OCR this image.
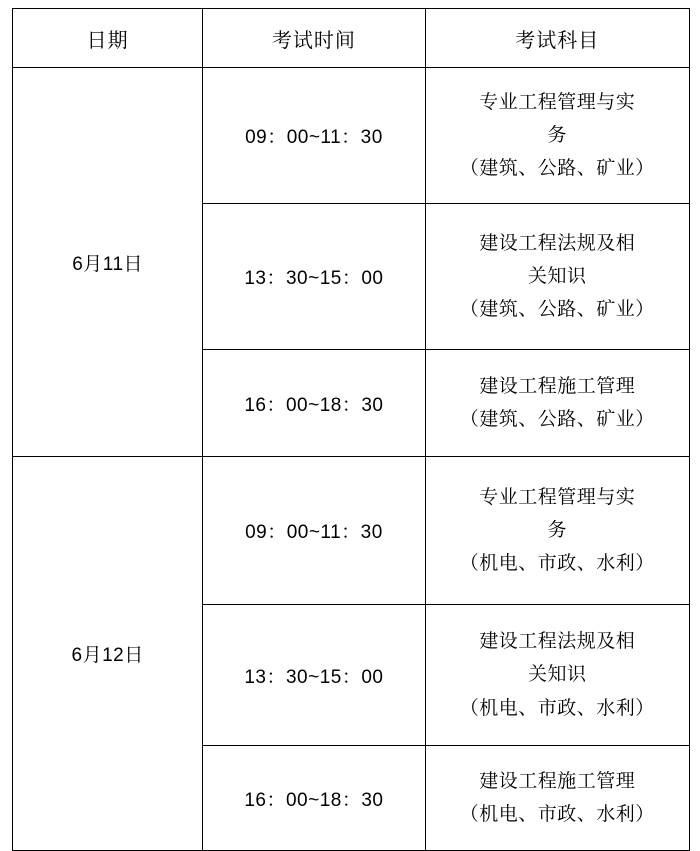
日期	考试时间	考试科目
6月11日	09：00~11：30	专业工程管理与实
务
（建筑、公路、矿业）

	13：30~15：00	建设工程法规及相
关知识
（建筑、公路、矿业）

	16：00~18：30	建设工程施工管理
（建筑、公路、矿业）

6月12日	09：00~11：30	专业工程管理与实
务
（机电、市政、水利）

	13：30~15：00	建设工程法规及相
关知识
（机电、市政、水利）

	16：00~18：30	建设工程施工管理
（机电、市政、水利）
